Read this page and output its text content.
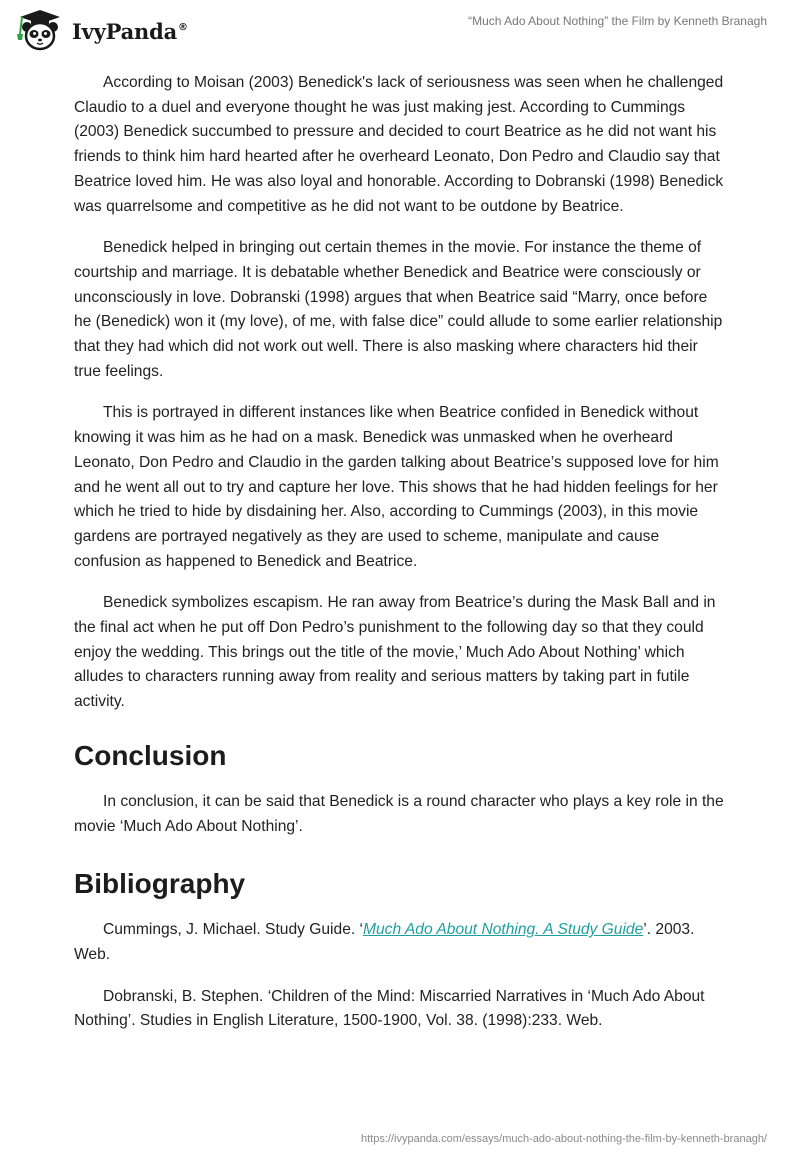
IvyPanda®	“Much Ado About Nothing” the Film by Kenneth Branagh

According to Moisan (2003) Benedick's lack of seriousness was seen when he challenged Claudio to a duel and everyone thought he was just making jest. According to Cummings (2003) Benedick succumbed to pressure and decided to court Beatrice as he did not want his friends to think him hard hearted after he overheard Leonato, Don Pedro and Claudio say that Beatrice loved him. He was also loyal and honorable. According to Dobranski (1998) Benedick was quarrelsome and competitive as he did not want to be outdone by Beatrice.

Benedick helped in bringing out certain themes in the movie. For instance the theme of courtship and marriage. It is debatable whether Benedick and Beatrice were consciously or unconsciously in love. Dobranski (1998) argues that when Beatrice said “Marry, once before he (Benedick) won it (my love), of me, with false dice” could allude to some earlier relationship that they had which did not work out well. There is also masking where characters hid their true feelings.

This is portrayed in different instances like when Beatrice confided in Benedick without knowing it was him as he had on a mask. Benedick was unmasked when he overheard Leonato, Don Pedro and Claudio in the garden talking about Beatrice’s supposed love for him and he went all out to try and capture her love. This shows that he had hidden feelings for her which he tried to hide by disdaining her. Also, according to Cummings (2003), in this movie gardens are portrayed negatively as they are used to scheme, manipulate and cause confusion as happened to Benedick and Beatrice.

Benedick symbolizes escapism. He ran away from Beatrice’s during the Mask Ball and in the final act when he put off Don Pedro’s punishment to the following day so that they could enjoy the wedding. This brings out the title of the movie,’ Much Ado About Nothing’ which alludes to characters running away from reality and serious matters by taking part in futile activity.

Conclusion

In conclusion, it can be said that Benedick is a round character who plays a key role in the movie ‘Much Ado About Nothing’.

Bibliography

Cummings, J. Michael. Study Guide. ‘Much Ado About Nothing. A Study Guide’. 2003. Web.

Dobranski, B. Stephen. ‘Children of the Mind: Miscarried Narratives in ‘Much Ado About Nothing’. Studies in English Literature, 1500-1900, Vol. 38. (1998):233. Web.

https://ivypanda.com/essays/much-ado-about-nothing-the-film-by-kenneth-branagh/
